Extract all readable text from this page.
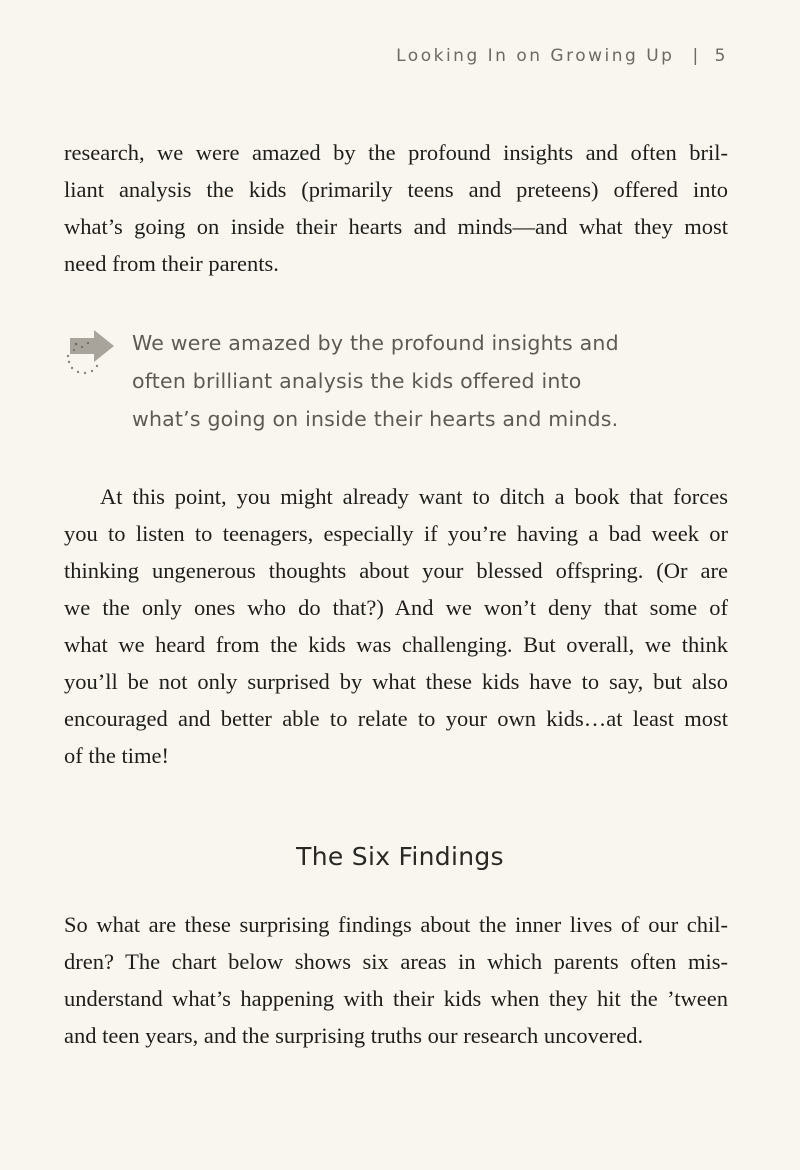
Looking In on Growing Up | 5
research, we were amazed by the profound insights and often bril-
liant analysis the kids (primarily teens and preteens) offered into
what’s going on inside their hearts and minds—and what they most
need from their parents.
We were amazed by the profound insights and
often brilliant analysis the kids offered into
what’s going on inside their hearts and minds.
At this point, you might already want to ditch a book that forces
you to listen to teenagers, especially if you’re having a bad week or
thinking ungenerous thoughts about your blessed offspring. (Or are
we the only ones who do that?) And we won’t deny that some of
what we heard from the kids was challenging. But overall, we think
you’ll be not only surprised by what these kids have to say, but also
encouraged and better able to relate to your own kids…at least most
of the time!
The Six Findings
So what are these surprising findings about the inner lives of our chil-
dren? The chart below shows six areas in which parents often mis-
understand what’s happening with their kids when they hit the ’tween
and teen years, and the surprising truths our research uncovered.
